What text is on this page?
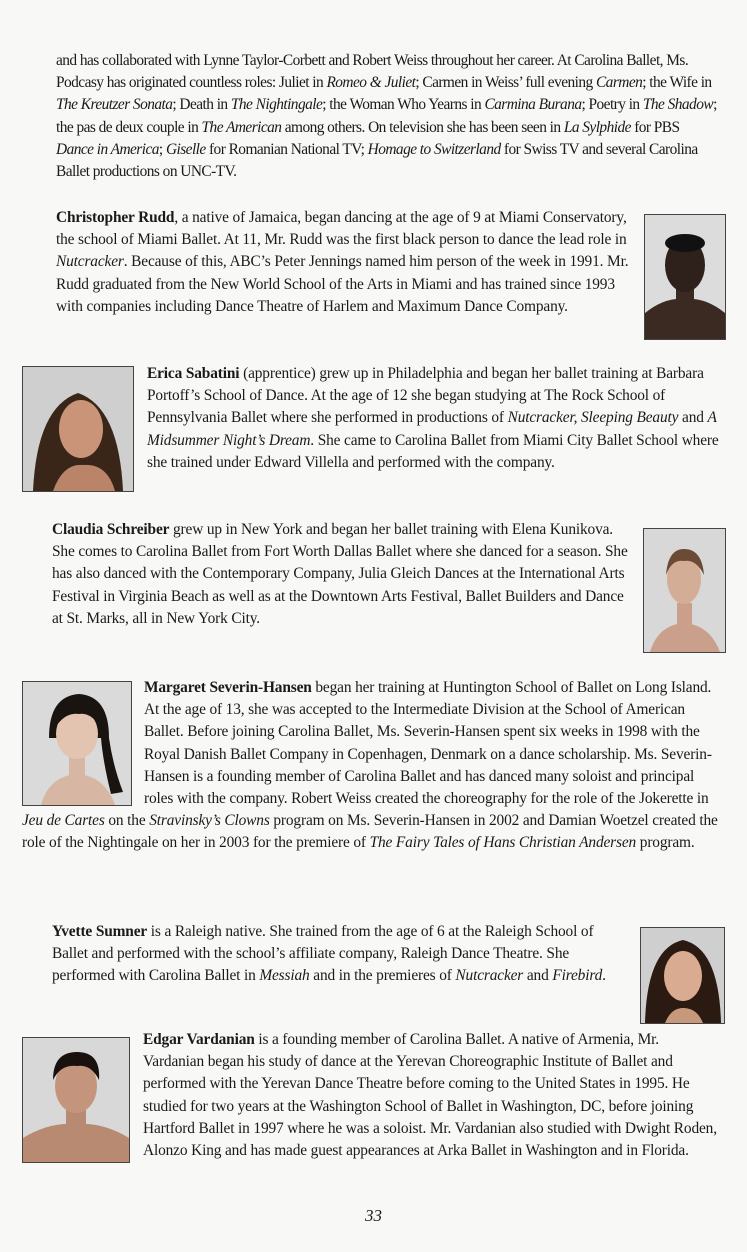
and has collaborated with Lynne Taylor-Corbett and Robert Weiss throughout her career. At Carolina Ballet, Ms. Podcasy has originated countless roles: Juliet in Romeo & Juliet; Carmen in Weiss’ full evening Carmen; the Wife in The Kreutzer Sonata; Death in The Nightingale; the Woman Who Yearns in Carmina Burana; Poetry in The Shadow; the pas de deux couple in The American among others. On television she has been seen in La Sylphide for PBS Dance in America; Giselle for Romanian National TV; Homage to Switzerland for Swiss TV and several Carolina Ballet productions on UNC-TV.

Christopher Rudd, a native of Jamaica, began dancing at the age of 9 at Miami Conservatory, the school of Miami Ballet. At 11, Mr. Rudd was the first black person to dance the lead role in Nutcracker. Because of this, ABC’s Peter Jennings named him person of the week in 1991. Mr. Rudd graduated from the New World School of the Arts in Miami and has trained since 1993 with companies including Dance Theatre of Harlem and Maximum Dance Company.

Erica Sabatini (apprentice) grew up in Philadelphia and began her ballet training at Barbara Portoff’s School of Dance. At the age of 12 she began studying at The Rock School of Pennsylvania Ballet where she performed in productions of Nutcracker, Sleeping Beauty and A Midsummer Night’s Dream. She came to Carolina Ballet from Miami City Ballet School where she trained under Edward Villella and performed with the company.

Claudia Schreiber grew up in New York and began her ballet training with Elena Kunikova. She comes to Carolina Ballet from Fort Worth Dallas Ballet where she danced for a season. She has also danced with the Contemporary Company, Julia Gleich Dances at the International Arts Festival in Virginia Beach as well as at the Downtown Arts Festival, Ballet Builders and Dance at St. Marks, all in New York City.

Margaret Severin-Hansen began her training at Huntington School of Ballet on Long Island. At the age of 13, she was accepted to the Intermediate Division at the School of American Ballet. Before joining Carolina Ballet, Ms. Severin-Hansen spent six weeks in 1998 with the Royal Danish Ballet Company in Copenhagen, Denmark on a dance scholarship. Ms. Severin-Hansen is a founding member of Carolina Ballet and has danced many soloist and principal roles with the company. Robert Weiss created the choreography for the role of the Jokerette in Jeu de Cartes on the Stravinsky’s Clowns program on Ms. Severin-Hansen in 2002 and Damian Woetzel created the role of the Nightingale on her in 2003 for the premiere of The Fairy Tales of Hans Christian Andersen program.

Yvette Sumner is a Raleigh native. She trained from the age of 6 at the Raleigh School of Ballet and performed with the school’s affiliate company, Raleigh Dance Theatre. She performed with Carolina Ballet in Messiah and in the premieres of Nutcracker and Firebird.

Edgar Vardanian is a founding member of Carolina Ballet. A native of Armenia, Mr. Vardanian began his study of dance at the Yerevan Choreographic Institute of Ballet and performed with the Yerevan Dance Theatre before coming to the United States in 1995. He studied for two years at the Washington School of Ballet in Washington, DC, before joining Hartford Ballet in 1997 where he was a soloist. Mr. Vardanian also studied with Dwight Roden, Alonzo King and has made guest appearances at Arka Ballet in Washington and in Florida.

33
